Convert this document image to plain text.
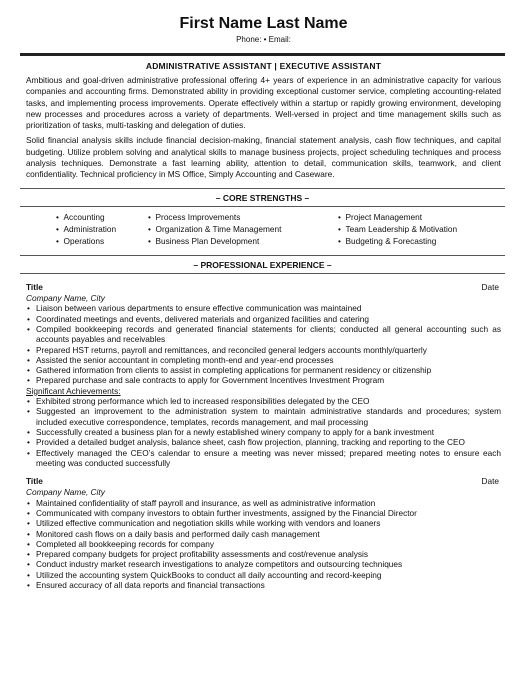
First Name Last Name
Phone: • Email:
ADMINISTRATIVE ASSISTANT | EXECUTIVE ASSISTANT

Ambitious and goal-driven administrative professional offering 4+ years of experience in an administrative capacity for various companies and accounting firms. Demonstrated ability in providing exceptional customer service, completing accounting-related tasks, and implementing process improvements. Operate effectively within a startup or rapidly growing environment, developing new processes and procedures across a variety of departments. Well-versed in project and time management skills such as prioritization of tasks, multi-tasking and delegation of duties.

Solid financial analysis skills include financial decision-making, financial statement analysis, cash flow techniques, and capital budgeting. Utilize problem solving and analytical skills to manage business projects, project scheduling techniques and process analysis techniques. Demonstrate a fast learning ability, attention to detail, communication skills, teamwork, and client confidentiality. Technical proficiency in MS Office, Simply Accounting and Caseware.

– CORE STRENGTHS –
•  Accounting
•  Administration
•  Operations
•  Process Improvements
•  Organization & Time Management
•  Business Plan Development
•  Project Management
•  Team Leadership & Motivation
•  Budgeting & Forecasting
– PROFESSIONAL EXPERIENCE –
Title	Date
Company Name, City
• Liaison between various departments to ensure effective communication was maintained
• Coordinated meetings and events, delivered materials and organized facilities and catering
• Compiled bookkeeping records and generated financial statements for clients; conducted all general accounting such as accounts payables and receivables
• Prepared HST returns, payroll and remittances, and reconciled general ledgers accounts monthly/quarterly
• Assisted the senior accountant in completing month-end and year-end processes
• Gathered information from clients to assist in completing applications for permanent residency or citizenship
• Prepared purchase and sale contracts to apply for Government Incentives Investment Program
Significant Achievements:
• Exhibited strong performance which led to increased responsibilities delegated by the CEO
• Suggested an improvement to the administration system to maintain administrative standards and procedures; system included executive correspondence, templates, records management, and mail processing
• Successfully created a business plan for a newly established winery company to apply for a bank investment
• Provided a detailed budget analysis, balance sheet, cash flow projection, planning, tracking and reporting to the CEO
• Effectively managed the CEO’s calendar to ensure a meeting was never missed; prepared meeting notes to ensure each meeting was conducted successfully
Title	Date
Company Name, City
• Maintained confidentiality of staff payroll and insurance, as well as administrative information
• Communicated with company investors to obtain further investments, assigned by the Financial Director
• Utilized effective communication and negotiation skills while working with vendors and loaners
• Monitored cash flows on a daily basis and performed daily cash management
• Completed all bookkeeping records for company
• Prepared company budgets for project profitability assessments and cost/revenue analysis
• Conduct industry market research investigations to analyze competitors and outsourcing techniques
• Utilized the accounting system QuickBooks to conduct all daily accounting and record-keeping
• Ensured accuracy of all data reports and financial transactions
